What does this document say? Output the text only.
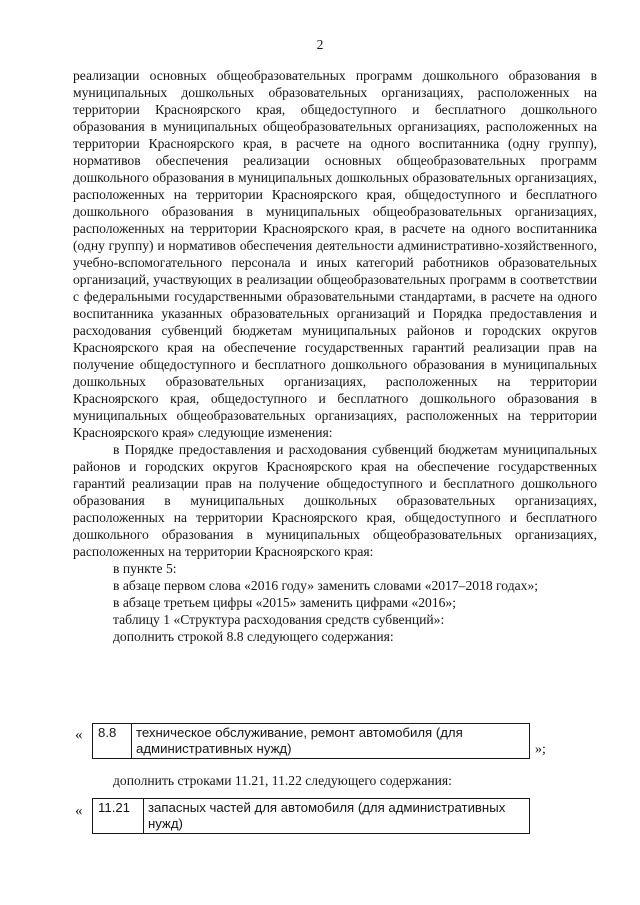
2

реализации основных общеобразовательных программ дошкольного образования в муниципальных дошкольных образовательных организациях, расположенных на территории Красноярского края, общедоступного и бесплатного дошкольного образования в муниципальных общеобразовательных организациях, расположенных на территории Красноярского края, в расчете на одного воспитанника (одну группу), нормативов обеспечения реализации основных общеобразовательных программ дошкольного образования в муниципальных дошкольных образовательных организациях, расположенных на территории Красноярского края, общедоступного и бесплатного дошкольного образования в муниципальных общеобразовательных организациях, расположенных на территории Красноярского края, в расчете на одного воспитанника (одну группу) и нормативов обеспечения деятельности административно-хозяйственного, учебно-вспомогательного персонала и иных категорий работников образовательных организаций, участвующих в реализации общеобразовательных программ в соответствии с федеральными государственными образовательными стандартами, в расчете на одного воспитанника указанных образовательных организаций и Порядка предоставления и расходования субвенций бюджетам муниципальных районов и городских округов Красноярского края на обеспечение государственных гарантий реализации прав на получение общедоступного и бесплатного дошкольного образования в муниципальных дошкольных образовательных организациях, расположенных на территории Красноярского края, общедоступного и бесплатного дошкольного образования в муниципальных общеобразовательных организациях, расположенных на территории Красноярского края» следующие изменения:

в Порядке предоставления и расходования субвенций бюджетам муниципальных районов и городских округов Красноярского края на обеспечение государственных гарантий реализации прав на получение общедоступного и бесплатного дошкольного образования в муниципальных дошкольных образовательных организациях, расположенных на территории Красноярского края, общедоступного и бесплатного дошкольного образования в муниципальных общеобразовательных организациях, расположенных на территории Красноярского края:

в пункте 5:

в абзаце первом слова «2016 году» заменить словами «2017–2018 годах»;

в абзаце третьем цифры «2015» заменить цифрами «2016»;

таблицу 1 «Структура расходования средств субвенций»:

дополнить строкой 8.8 следующего содержания:

« 8.8	техническое обслуживание, ремонт автомобиля (для административных нужд)	»;
дополнить строками 11.21, 11.22 следующего содержания:
« 11.21	запасных частей для автомобиля (для административных нужд)
